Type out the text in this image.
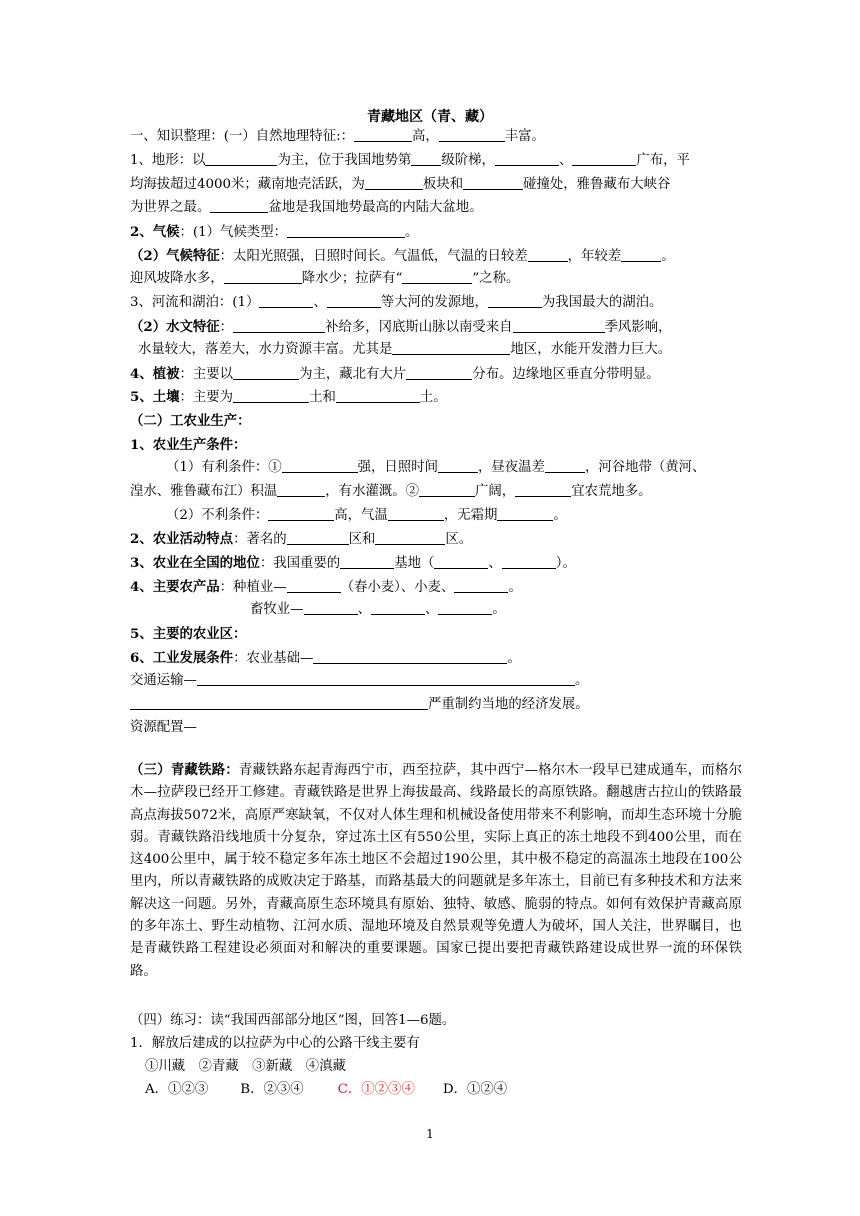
青藏地区（青、藏）
一、知识整理：(一）自然地理特征:：	高，	丰富。
1、地形：以	为主，位于我国地势第 级阶梯，	、	广布，平
均海拔超过4000米；藏南地壳活跃，为	板块和	碰撞处，雅鲁藏布大峡谷
为世界之最。	盆地是我国地势最高的内陆大盆地。
2、气候：(1）气候类型：	。
（2）气候特征：太阳光照强，日照时间长。气温低，气温的日较差	，年较差	。
迎风坡降水多，	降水少；拉萨有“	”之称。
3、河流和湖泊：(1）	、	等大河的发源地，	为我国最大的湖泊。
（2）水文特征：	补给多，冈底斯山脉以南受来自	季风影响，
水量较大，落差大，水力资源丰富。尤其是	地区，水能开发潜力巨大。
4、植被：主要以	为主，藏北有大片	分布。边缘地区垂直分带明显。
5、土壤：主要为	土和	土。
（二）工农业生产：
1、农业生产条件：
（1）有利条件：①	强，日照时间	，昼夜温差	，河谷地带（黄河、
湟水、雅鲁藏布江）积温	，有水灌溉。②	广阔，	宜农荒地多。
（2）不利条件：	高，气温	，无霜期	。
2、农业活动特点：著名的	区和	区。
3、农业在全国的地位：我国重要的	基地（	、	）。
4、主要农产品：种植业—	（春小麦）、小麦、	。
畜牧业—	、	、	。
5、主要的农业区：
6、工业发展条件：农业基础—	。
交通运输—	。
严重制约当地的经济发展。
资源配置—
（三）青藏铁路：青藏铁路东起青海西宁市，西至拉萨，其中西宁—格尔木一段早已建成通车，而格尔木—拉萨段已经开工修建。青藏铁路是世界上海拔最高、线路最长的高原铁路。翻越唐古拉山的铁路最高点海拔5072米，高原严寒缺氧，不仅对人体生理和机械设备使用带来不利影响，而却生态环境十分脆弱。青藏铁路沿线地质十分复杂，穿过冻土区有550公里，实际上真正的冻土地段不到400公里，而在这400公里中，属于较不稳定多年冻土地区不会超过190公里，其中极不稳定的高温冻土地段在100公里内，所以青藏铁路的成败决定于路基，而路基最大的问题就是多年冻土，目前已有多种技术和方法来解决这一问题。另外，青藏高原生态环境具有原始、独特、敏感、脆弱的特点。如何有效保护青藏高原的多年冻土、野生动植物、江河水质、湿地环境及自然景观等免遭人为破坏，国人关注，世界瞩目，也是青藏铁路工程建设必须面对和解决的重要课题。国家已提出要把青藏铁路建设成世界一流的环保铁路。
（四）练习：读“我国西部部分地区”图，回答1—6题。
1．解放后建成的以拉萨为中心的公路干线主要有
①川藏　②青藏　③新藏　④滇藏
A．①②③ B．②③④	C．①②③④ D．①②④
1
